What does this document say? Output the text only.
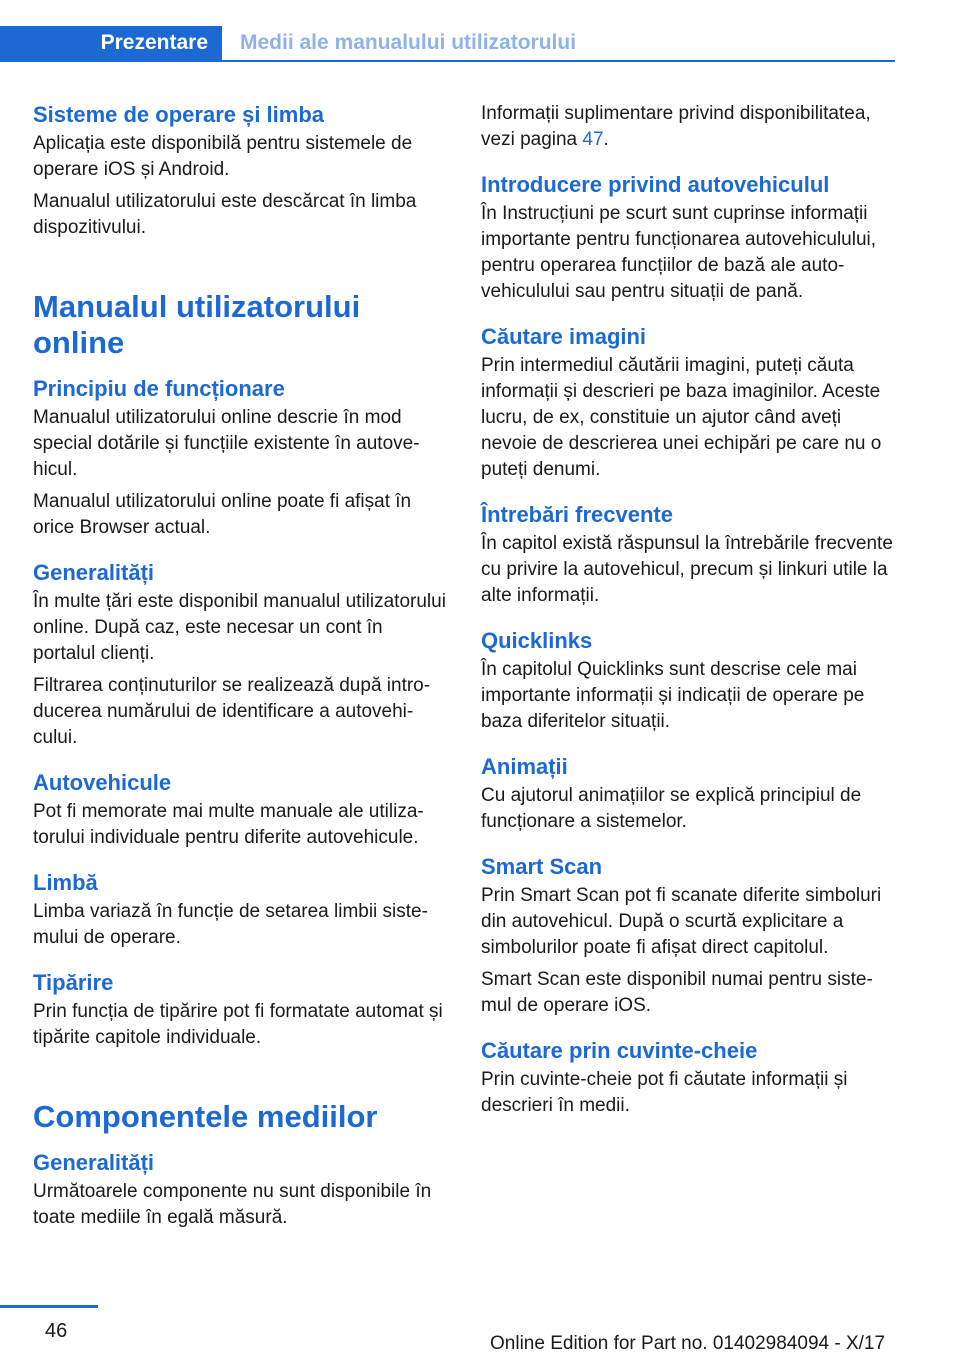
Prezentare	Medii ale manualului utilizatorului
Sisteme de operare și limba

Aplicația este disponibilă pentru sistemele de operare iOS și Android.

Manualul utilizatorului este descărcat în limba dispozitivului.

Manualul utilizatorului online
Principiu de funcționare

Manualul utilizatorului online descrie în mod special dotările și funcțiile existente în autovehicul.

Manualul utilizatorului online poate fi afișat în orice Browser actual.

Generalități

În multe țări este disponibil manualul utilizatorului online. După caz, este necesar un cont în portalul clienți.

Filtrarea conținuturilor se realizează după introducerea numărului de identificare a autovehicului.

Autovehicule

Pot fi memorate mai multe manuale ale utilizatorului individuale pentru diferite autovehicule.

Limbă

Limba variază în funcție de setarea limbii sistemului de operare.

Tipărire

Prin funcția de tipărire pot fi formatate automat și tipărite capitole individuale.

Componentele mediilor
Generalități

Următoarele componente nu sunt disponibile în toate mediile în egală măsură.

Informații suplimentare privind disponibilitatea, vezi pagina 47.

Introducere privind autovehiculul

În Instrucțiuni pe scurt sunt cuprinse informații importante pentru funcționarea autovehiculului, pentru operarea funcțiilor de bază ale autovehiculului sau pentru situații de pană.

Căutare imagini

Prin intermediul căutării imagini, puteți căuta informații și descrieri pe baza imaginilor. Aceste lucru, de ex, constituie un ajutor când aveți nevoie de descrierea unei echipări pe care nu o puteți denumi.

Întrebări frecvente

În capitol există răspunsul la întrebările frecvente cu privire la autovehicul, precum și linkuri utile la alte informații.

Quicklinks

În capitolul Quicklinks sunt descrise cele mai importante informații și indicații de operare pe baza diferitelor situații.

Animații

Cu ajutorul animațiilor se explică principiul de funcționare a sistemelor.

Smart Scan

Prin Smart Scan pot fi scanate diferite simboluri din autovehicul. După o scurtă explicitare a simbolurilor poate fi afișat direct capitolul.

Smart Scan este disponibil numai pentru sistemul de operare iOS.

Căutare prin cuvinte-cheie

Prin cuvinte-cheie pot fi căutate informații și descrieri în medii.

46
Online Edition for Part no. 01402984094 - X/17
